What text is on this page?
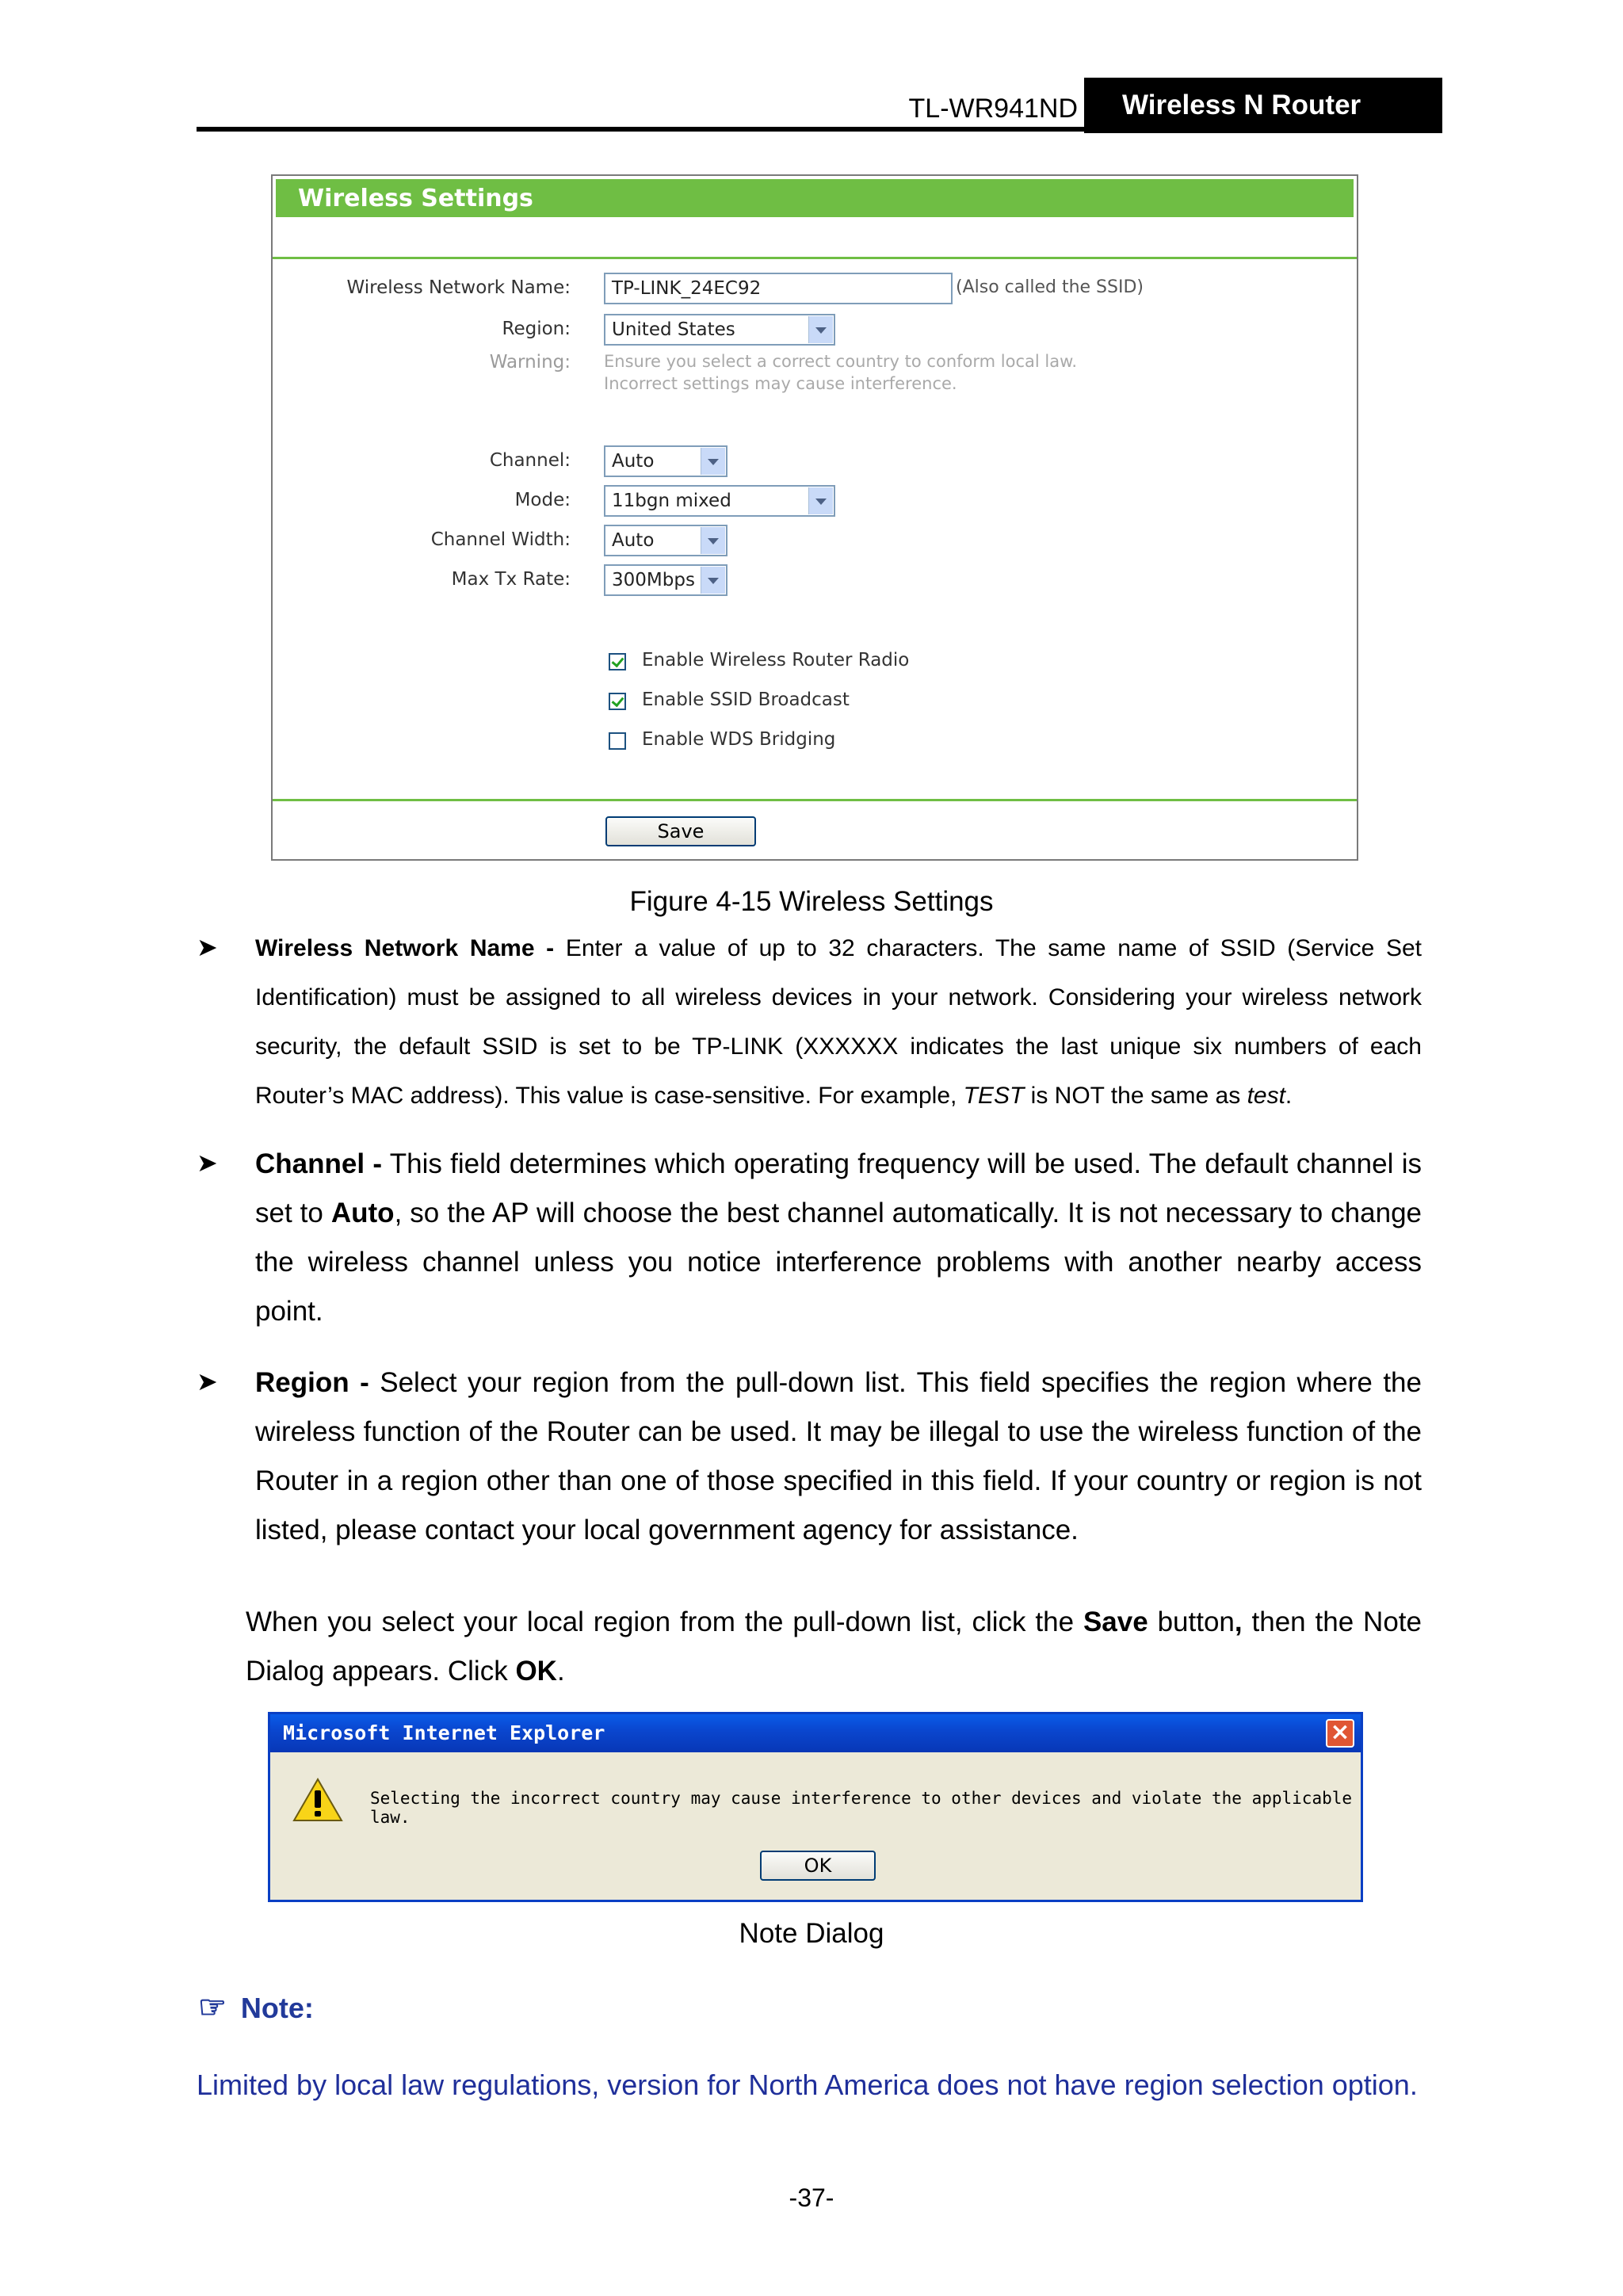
TL-WR941ND	Wireless N Router
Wireless Settings
Wireless Network Name:	TP-LINK_24EC92	(Also called the SSID)
Region:	United States
Warning: Ensure you select a correct country to conform local law.
Incorrect settings may cause interference.
Channel:	Auto
Mode:	11bgn mixed
Channel Width:	Auto
Max Tx Rate:	300Mbps
Enable Wireless Router Radio
Enable SSID Broadcast
Enable WDS Bridging
Save
Figure 4-15 Wireless Settings
➤ Wireless Network Name - Enter a value of up to 32 characters. The same name of SSID (Service Set Identification) must be assigned to all wireless devices in your network. Considering your wireless network security, the default SSID is set to be TP-LINK (XXXXXX indicates the last unique six numbers of each Router’s MAC address). This value is case-sensitive. For example, TEST is NOT the same as test.
➤ Channel - This field determines which operating frequency will be used. The default channel is set to Auto, so the AP will choose the best channel automatically. It is not necessary to change the wireless channel unless you notice interference problems with another nearby access point.
➤ Region - Select your region from the pull-down list. This field specifies the region where the wireless function of the Router can be used. It may be illegal to use the wireless function of the Router in a region other than one of those specified in this field. If your country or region is not listed, please contact your local government agency for assistance.
When you select your local region from the pull-down list, click the Save button, then the Note Dialog appears. Click OK.
Microsoft Internet Explorer	×
Selecting the incorrect country may cause interference to other devices and violate the applicable law.
OK
Note Dialog
☞ Note:
Limited by local law regulations, version for North America does not have region selection option.
-37-
